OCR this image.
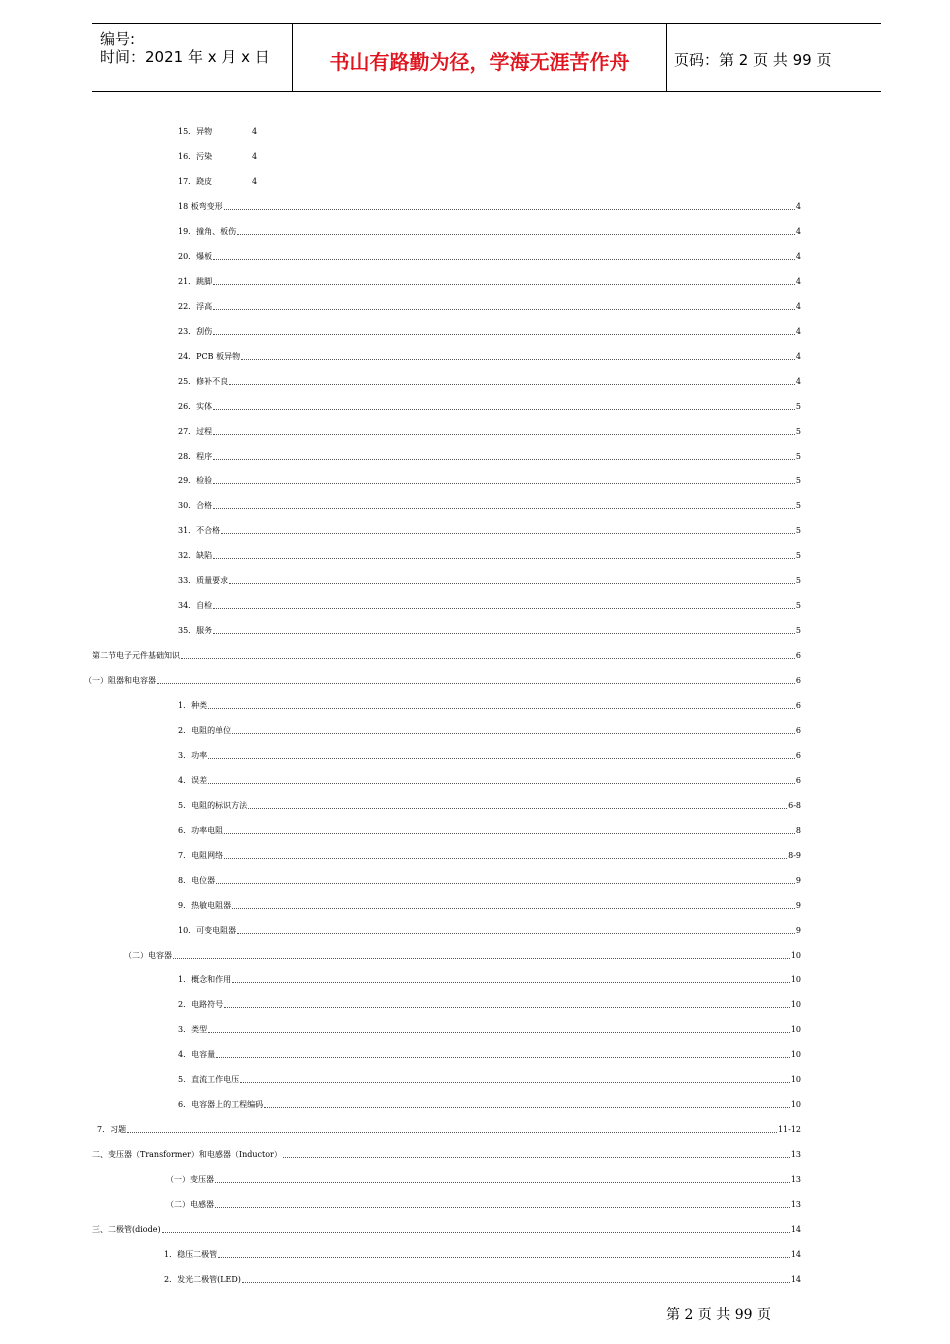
编号:
时间：2021 年 x 月 x 日	书山有路勤为径，学海无涯苦作舟	页码：第 2 页 共 99 页
15．异物	4
16．污染	4
17．跷皮	4
18 板弯变形	4
19．撞角、板伤	4
20．爆板	4
21．跳脚	4
22．浮高	4
23．刮伤	4
24．PCB 板异物	4
25．修补不良	4
26．实体	5
27．过程	5
28．程序	5
29．检验	5
30．合格	5
31．不合格	5
32．缺陷	5
33．质量要求	5
34．自检	5
35．服务	5
第二节电子元件基础知识	6
（一）阻器和电容器	6
1．种类	6
2．电阻的单位	6
3．功率	6
4．误差	6
5．电阻的标识方法	6-8
6．功率电阻	8
7．电阻网络	8-9
8．电位器	9
9．热敏电阻器	9
10．可变电阻器	9
（二）电容器	10
1．概念和作用	10
2．电路符号	10
3．类型	10
4．电容量	10
5．直流工作电压	10
6．电容器上的工程编码	10
7．习题	11-12
二、变压器（Transformer）和电感器（Inductor）	13
（一）变压器	13
（二）电感器	13
三、二极管(diode)	14
1．稳压二极管	14
2．发光二极管(LED)	14
第 2 页 共 99 页
